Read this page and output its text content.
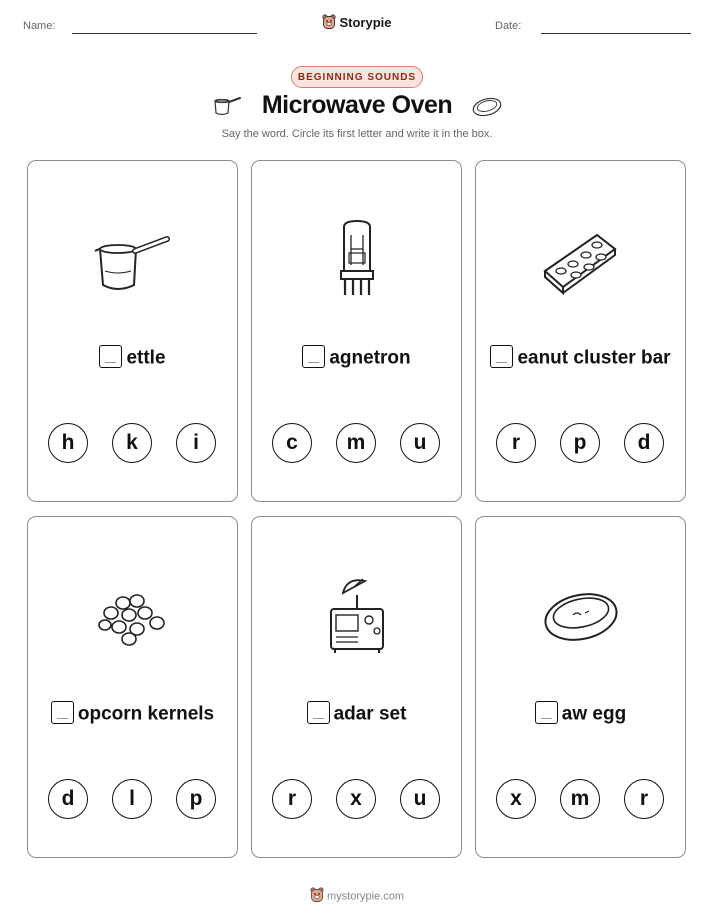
Name:	Date:
Storypie
BEGINNING SOUNDS
Microwave Oven
Say the word. Circle its first letter and write it in the box.
ettle
h	k	i
agnetron
c	m	u
eanut cluster bar
r	p	d
opcorn kernels
d	l	p
adar set
r	x	u
aw egg
x	m	r
mystorypie.com
